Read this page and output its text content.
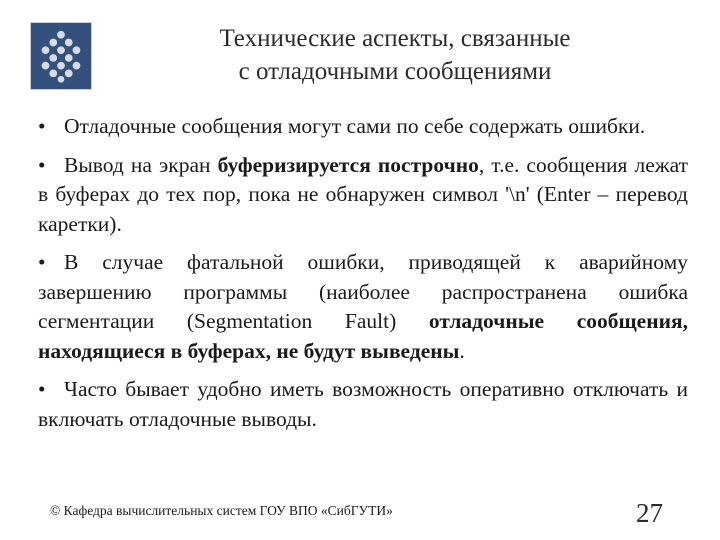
Технические аспекты, связанные
с отладочными сообщениями

• Отладочные сообщения могут сами по себе содержать ошибки.

• Вывод на экран буферизируется построчно, т.е. сообщения лежат в буферах до тех пор, пока не обнаружен символ '\n' (Enter – перевод каретки).

• В случае фатальной ошибки, приводящей к аварийному завершению программы (наиболее распространена ошибка сегментации (Segmentation Fault) отладочные сообщения, находящиеся в буферах, не будут выведены.

• Часто бывает удобно иметь возможность оперативно отключать и включать отладочные выводы.

© Кафедра вычислительных систем ГОУ ВПО «СибГУТИ»	27
